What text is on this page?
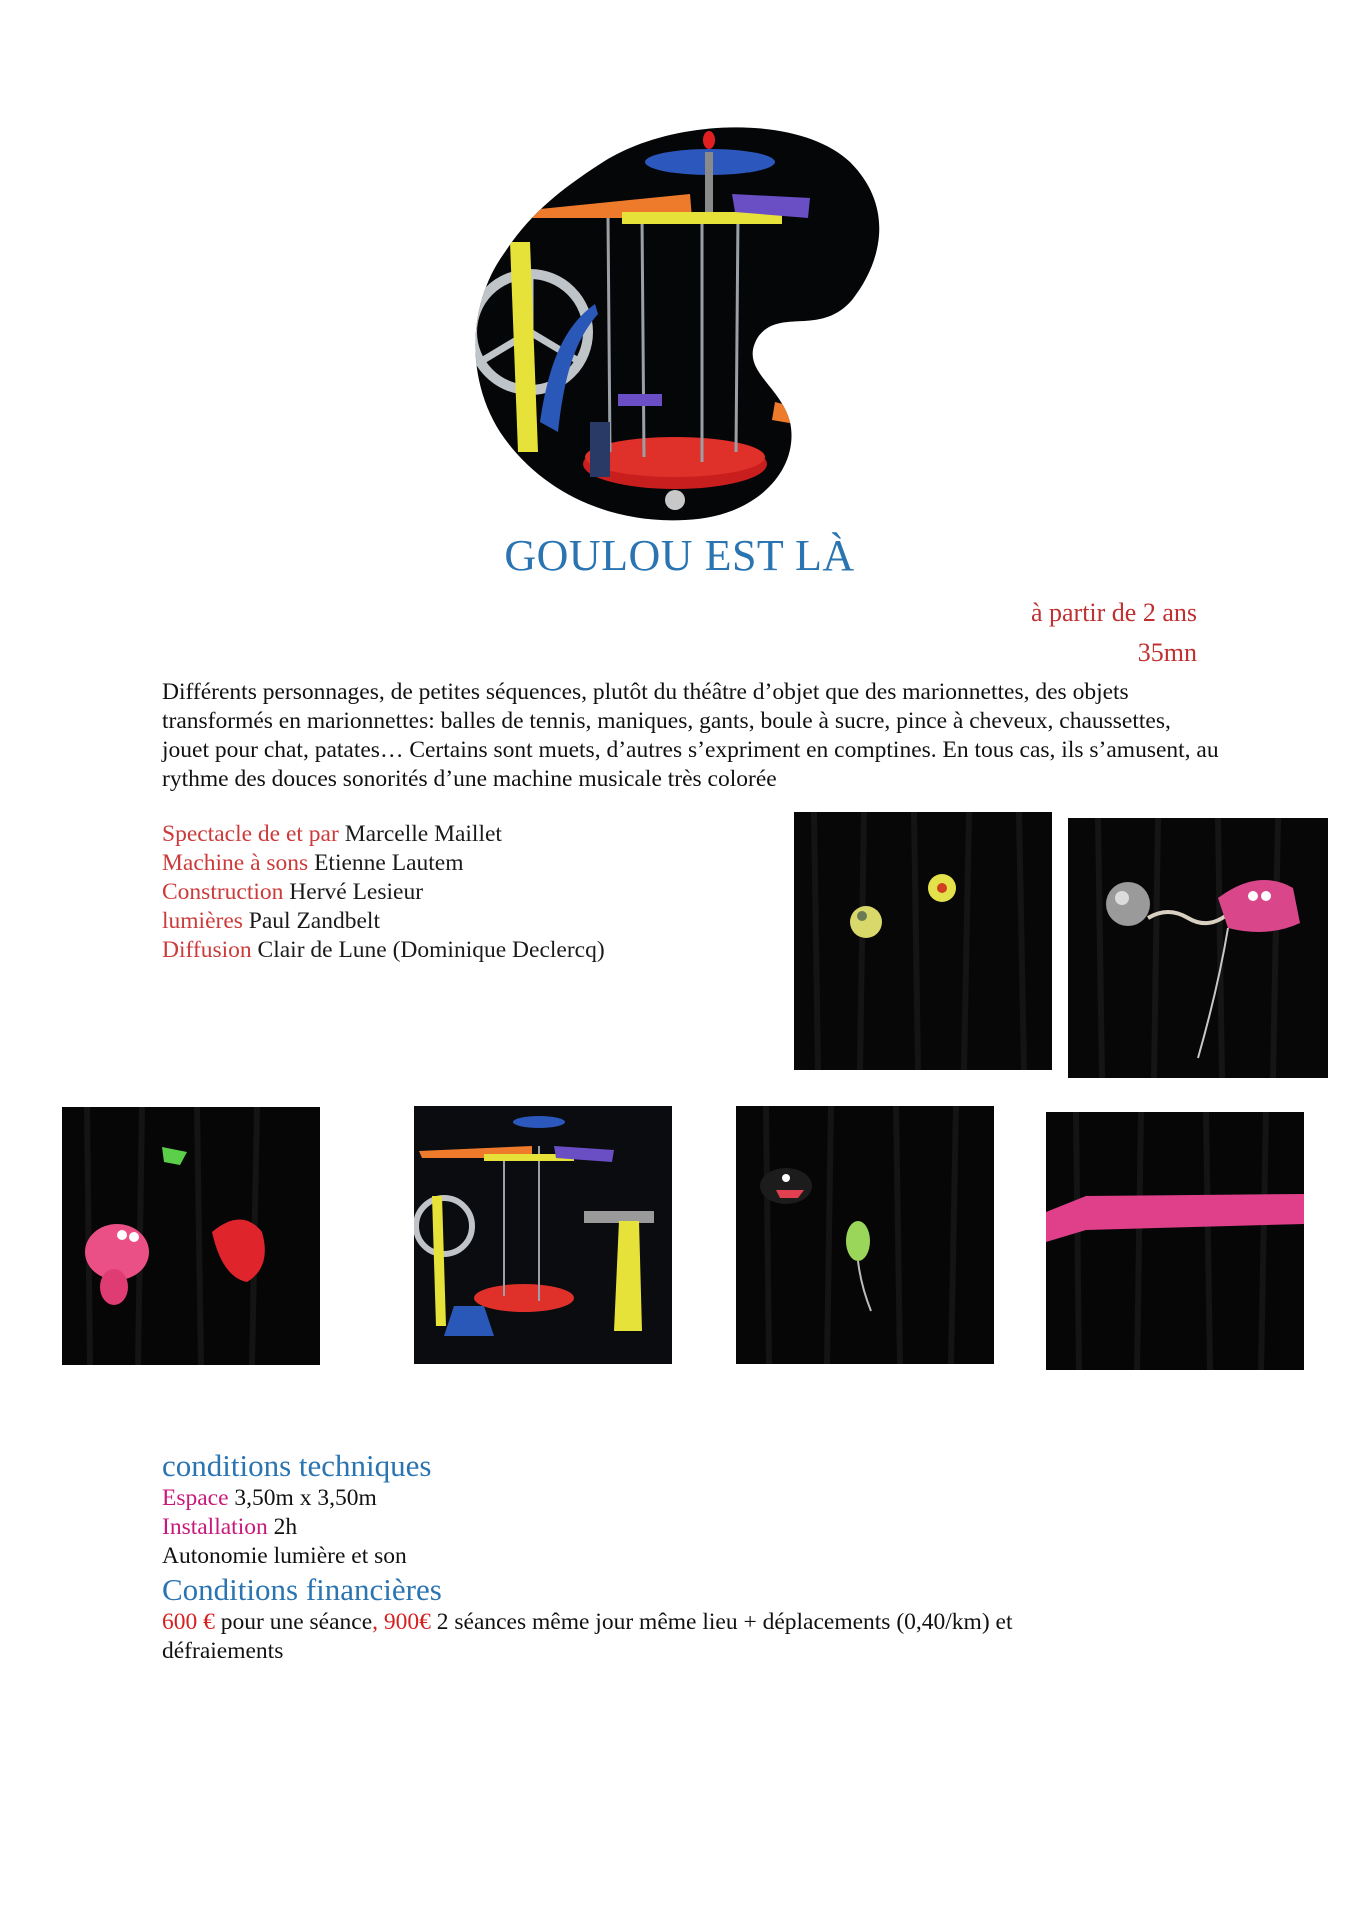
GOULOU EST LÀ
à partir de 2 ans
35mn
Différents personnages, de petites séquences, plutôt du théâtre d’objet que des marionnettes, des objets transformés en marionnettes: balles de tennis, maniques, gants, boule à sucre, pince à cheveux, chaussettes, jouet pour chat, patates… Certains sont muets, d’autres s’expriment en comptines. En tous cas, ils s’amusent, au rythme des douces sonorités d’une machine musicale très colorée
Spectacle de et par Marcelle Maillet
Machine à sons Etienne Lautem
Construction Hervé Lesieur
lumières Paul Zandbelt
Diffusion Clair de Lune (Dominique Declercq)
conditions techniques
Espace 3,50m x 3,50m
Installation 2h
Autonomie lumière et son
Conditions financières
600 € pour une séance, 900€ 2 séances même jour même lieu + déplacements (0,40/km) et
défraiements
